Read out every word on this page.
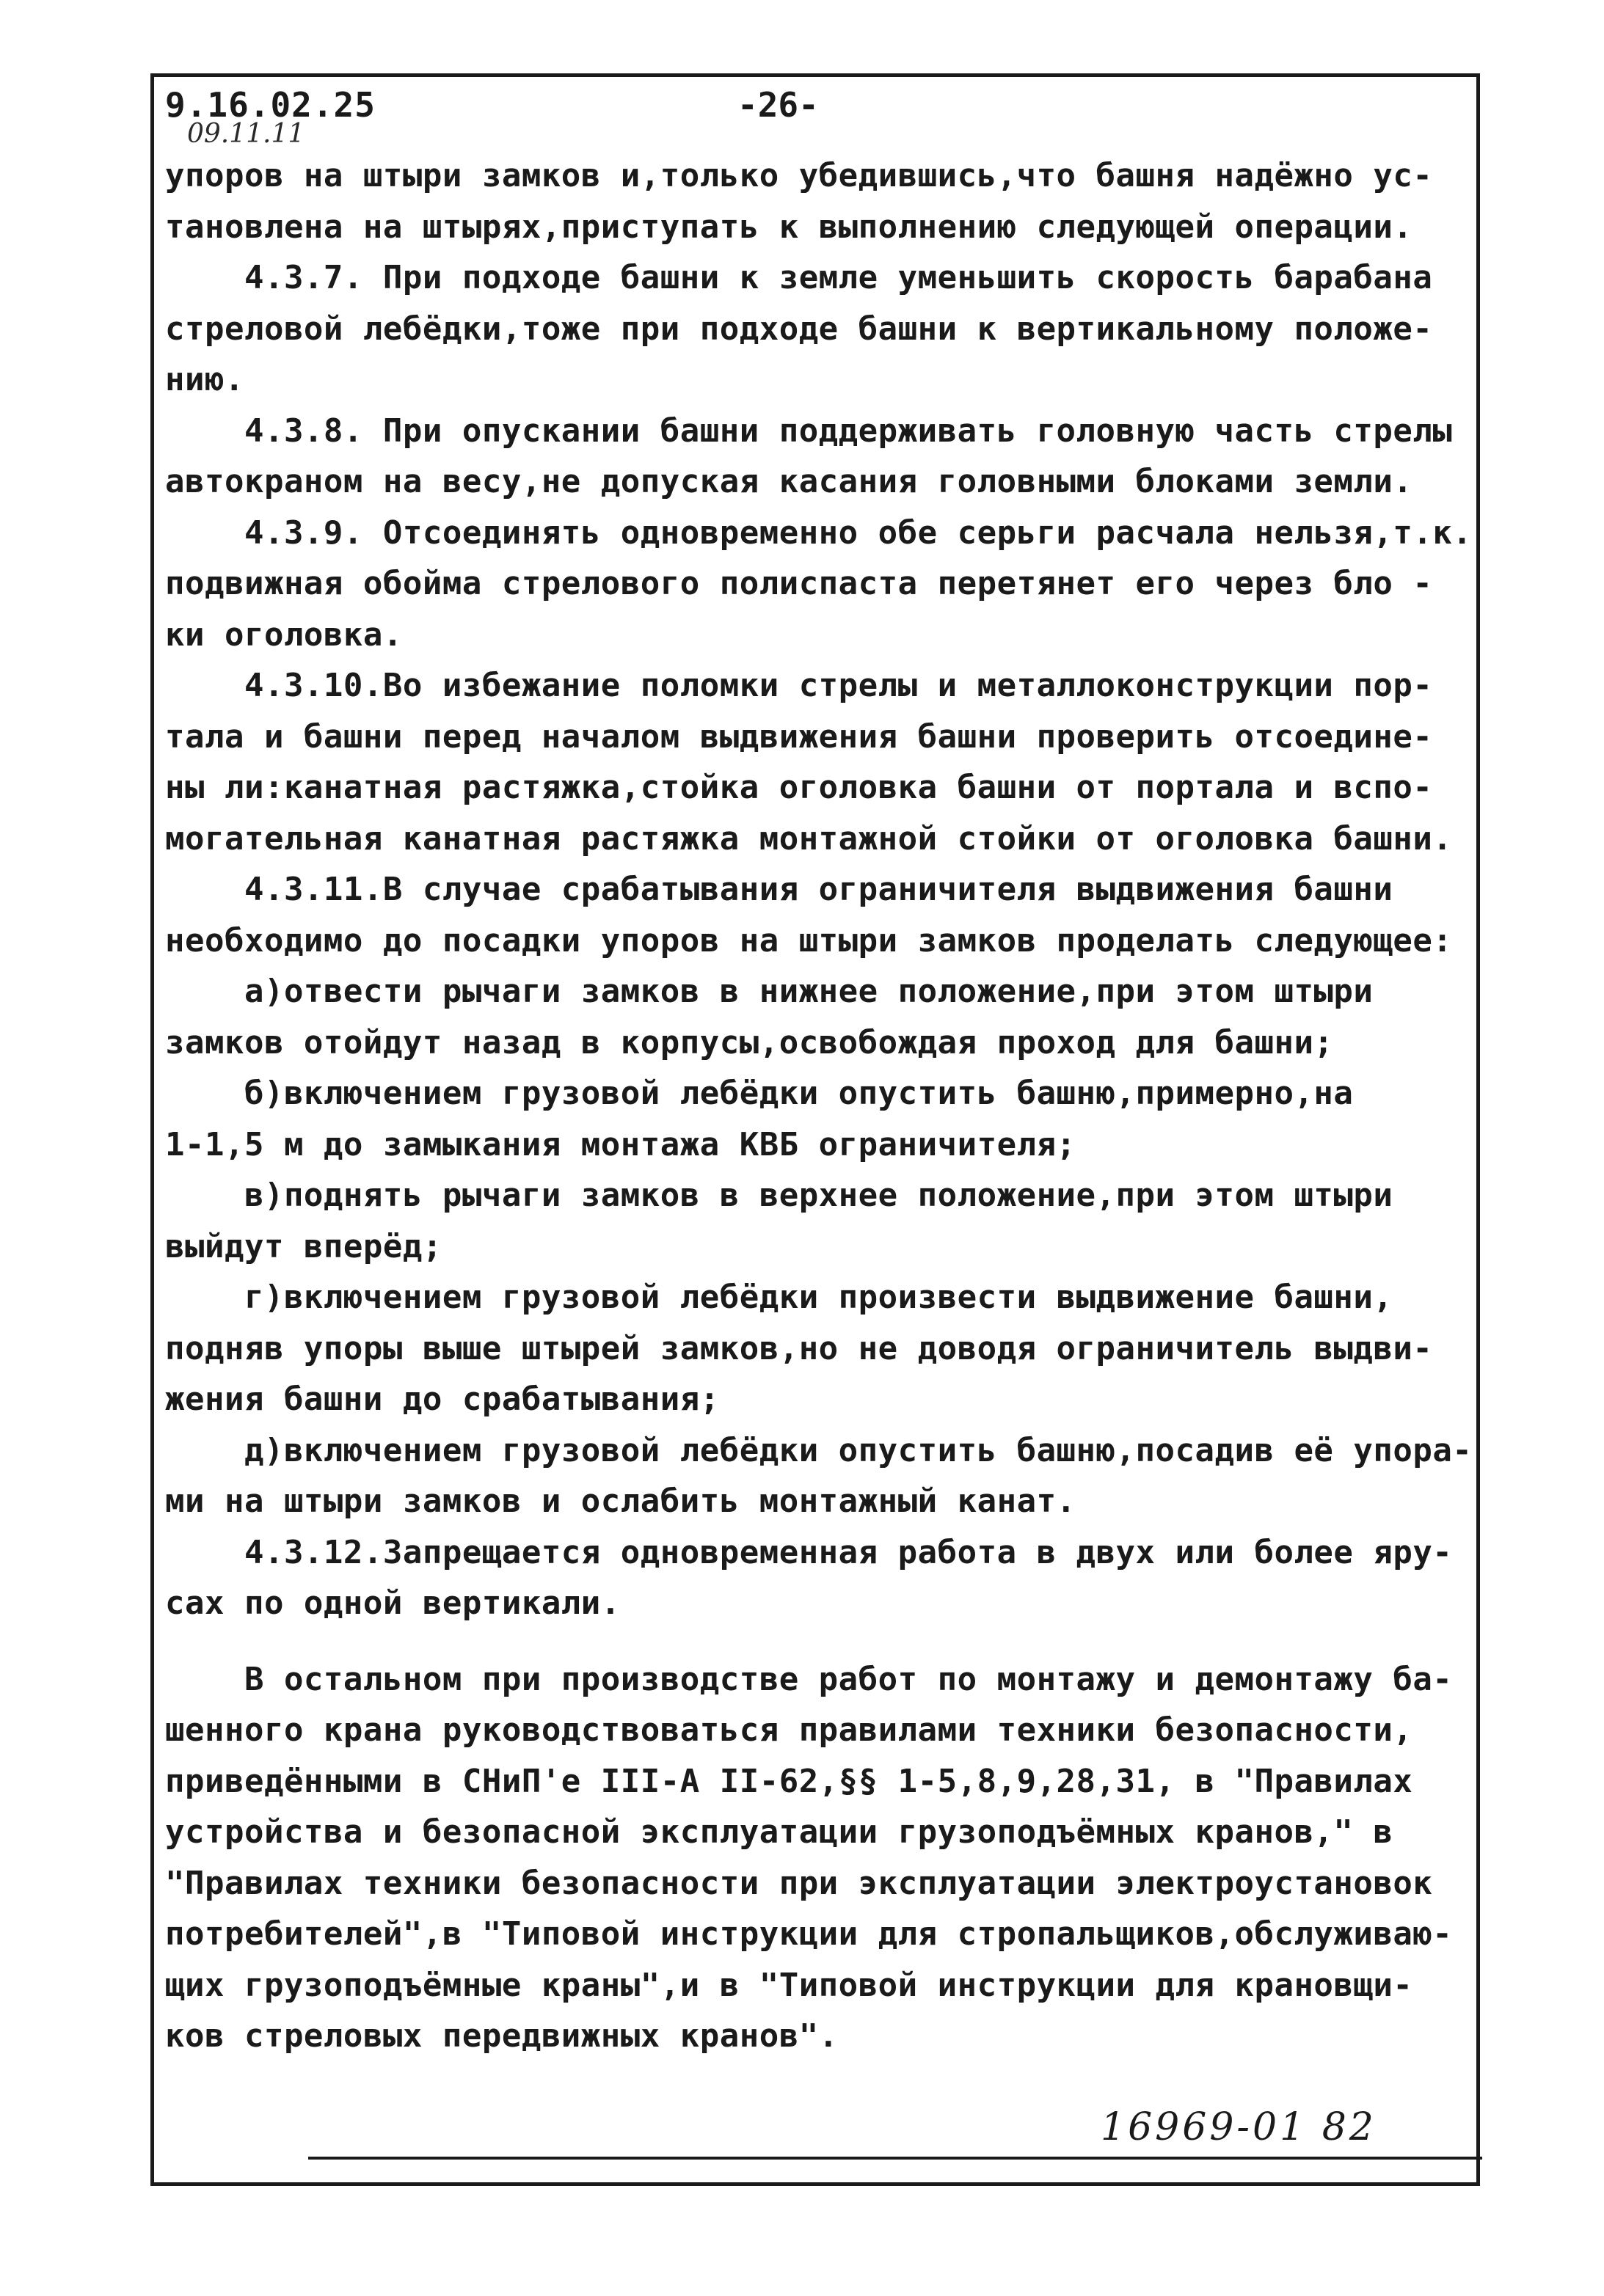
9.16.02.25
09.11.11
-26-
упоров на штыри замков и,только убедившись,что башня надёжно ус-
тановлена на штырях,приступать к выполнению следующей операции.
4.3.7. При подходе башни к земле уменьшить скорость барабана
стреловой лебёдки,тоже при подходе башни к вертикальному положе-
нию.
4.3.8. При опускании башни поддерживать головную часть стрелы
автокраном на весу,не допуская касания головными блоками земли.
4.3.9. Отсоединять одновременно обе серьги расчала нельзя,т.к.
подвижная обойма стрелового полиспаста перетянет его через бло -
ки оголовка.
4.3.10.Во избежание поломки стрелы и металлоконструкции пор-
тала и башни перед началом выдвижения башни проверить отсоедине-
ны ли:канатная растяжка,стойка оголовка башни от портала и вспо-
могательная канатная растяжка монтажной стойки от оголовка башни.
4.3.11.В случае срабатывания ограничителя выдвижения башни
необходимо до посадки упоров на штыри замков проделать следующее:
а)отвести рычаги замков в нижнее положение,при этом штыри
замков отойдут назад в корпусы,освобождая проход для башни;
б)включением грузовой лебёдки опустить башню,примерно,на
1-1,5 м до замыкания монтажа КВБ ограничителя;
в)поднять рычаги замков в верхнее положение,при этом штыри
выйдут вперёд;
г)включением грузовой лебёдки произвести выдвижение башни,
подняв упоры выше штырей замков,но не доводя ограничитель выдви-
жения башни до срабатывания;
д)включением грузовой лебёдки опустить башню,посадив её упора-
ми на штыри замков и ослабить монтажный канат.
4.3.12.Запрещается одновременная работа в двух или более яру-
сах по одной вертикали.
В остальном при производстве работ по монтажу и демонтажу ба-
шенного крана руководствоваться правилами техники безопасности,
приведёнными в СНиП'е III-А II-62,§§ 1-5,8,9,28,31, в "Правилах
устройства и безопасной эксплуатации грузоподъёмных кранов," в
"Правилах техники безопасности при эксплуатации электроустановок
потребителей",в "Типовой инструкции для стропальщиков,обслуживаю-
щих грузоподъёмные краны",и в "Типовой инструкции для крановщи-
ков стреловых передвижных кранов".
16969-01 82
